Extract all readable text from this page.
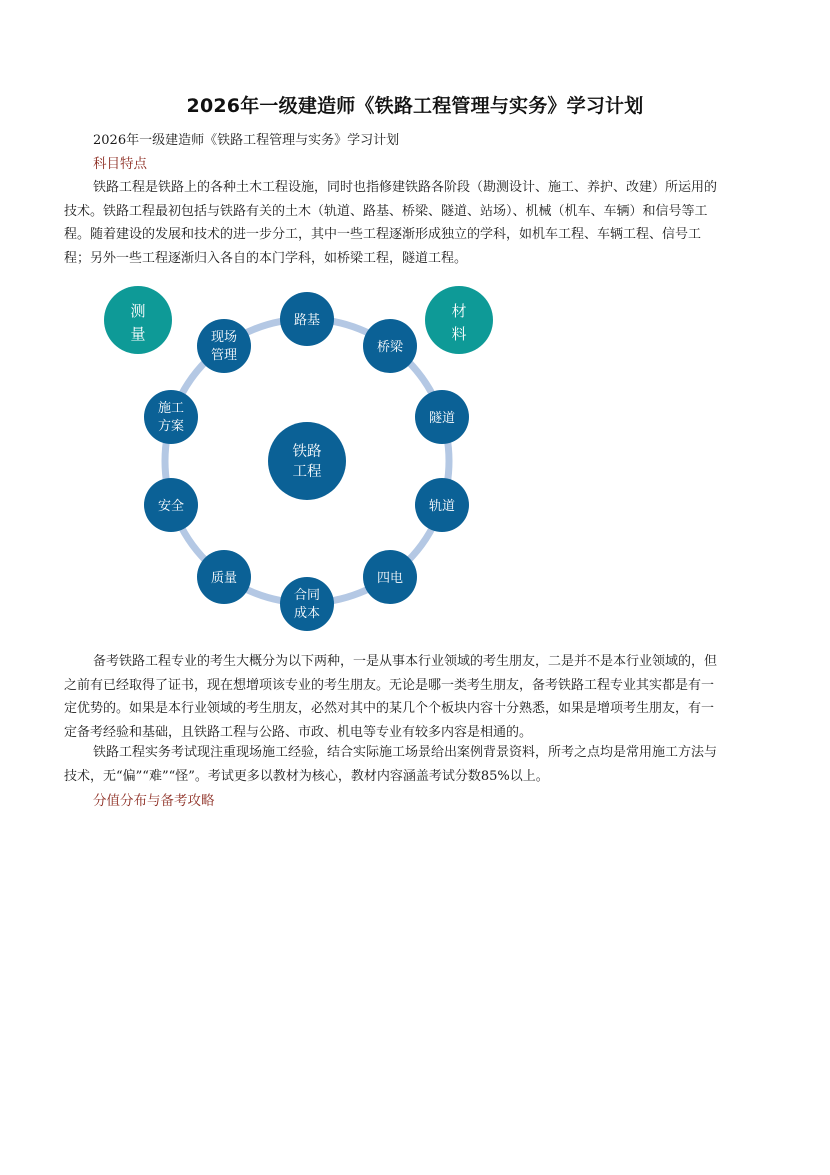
2026年一级建造师《铁路工程管理与实务》学习计划
2026年一级建造师《铁路工程管理与实务》学习计划
科目特点
铁路工程是铁路上的各种土木工程设施，同时也指修建铁路各阶段（勘测设计、施工、养护、改建）所运用的
技术。铁路工程最初包括与铁路有关的土木（轨道、路基、桥梁、隧道、站场）、机械（机车、车辆）和信号等工
程。随着建设的发展和技术的进一步分工，其中一些工程逐渐形成独立的学科，如机车工程、车辆工程、信号工
程；另外一些工程逐渐归入各自的本门学科，如桥梁工程，隧道工程。
测
量
材
料
铁路
工程
路基
桥梁
隧道
轨道
四电
合同
成本
质量
安全
施工
方案
现场
管理
备考铁路工程专业的考生大概分为以下两种，一是从事本行业领域的考生朋友，二是并不是本行业领域的，但
之前有已经取得了证书，现在想增项该专业的考生朋友。无论是哪一类考生朋友，备考铁路工程专业其实都是有一
定优势的。如果是本行业领域的考生朋友，必然对其中的某几个个板块内容十分熟悉，如果是增项考生朋友，有一
定备考经验和基础，且铁路工程与公路、市政、机电等专业有较多内容是相通的。
铁路工程实务考试现注重现场施工经验，结合实际施工场景给出案例背景资料，所考之点均是常用施工方法与
技术，无“偏”“难”“怪”。考试更多以教材为核心，教材内容涵盖考试分数85%以上。
分值分布与备考攻略
